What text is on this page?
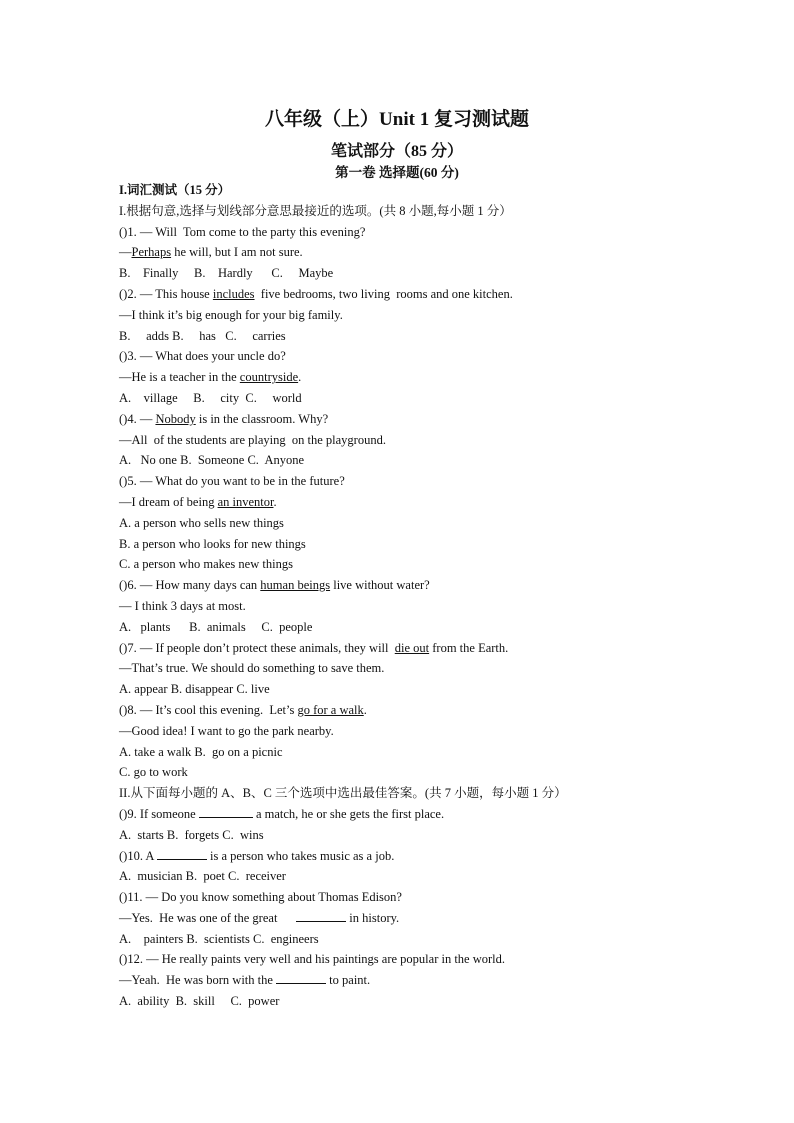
八年级（上）Unit 1 复习测试题
笔试部分（85 分）
第一卷 选择题(60 分)
I.词汇测试（15 分）
I.根据句意,选择与划线部分意思最接近的选项。(共 8 小题,每小题 1 分）
()1. — Will  Tom come to the party this evening?
—Perhaps he will, but I am not sure.
B.    Finally     B.    Hardly      C.     Maybe
()2. — This house includes  five bedrooms, two living  rooms and one kitchen.
—I think it’s big enough for your big family.
B.     adds B.     has   C.     carries
()3. — What does your uncle do?
—He is a teacher in the countryside.
A.    village     B.     city  C.     world
()4. — Nobody is in the classroom. Why?
—All  of the students are playing  on the playground.
A.   No one B.  Someone C.  Anyone
()5. — What do you want to be in the future?
—I dream of being an inventor.
A. a person who sells new things
B. a person who looks for new things
C. a person who makes new things
()6. — How many days can human beings live without water?
— I think 3 days at most.
A.   plants      B.  animals     C.  people
()7. — If people don’t protect these animals, they will  die out from the Earth.
—That’s true. We should do something to save them.
A. appear B. disappear C. live
()8. — It’s cool this evening.  Let’s go for a walk.
—Good idea! I want to go the park nearby.
A. take a walk B.  go on a picnic
C. go to work
II.从下面每小题的 A、B、C 三个选项中选出最佳答案。(共 7 小题，每小题 1 分）
()9. If someone	a match, he or she gets the first place.
A.  starts B.  forgets C.  wins
()10. A	is a person who takes music as a job.
A.  musician B.  poet C.  receiver
()11. — Do you know something about Thomas Edison?
—Yes.  He was one of the great	in history.
A.    painters B.  scientists C.  engineers
()12. — He really paints very well and his paintings are popular in the world.
—Yeah.  He was born with the	to paint.
A.  ability  B.  skill     C.  power
